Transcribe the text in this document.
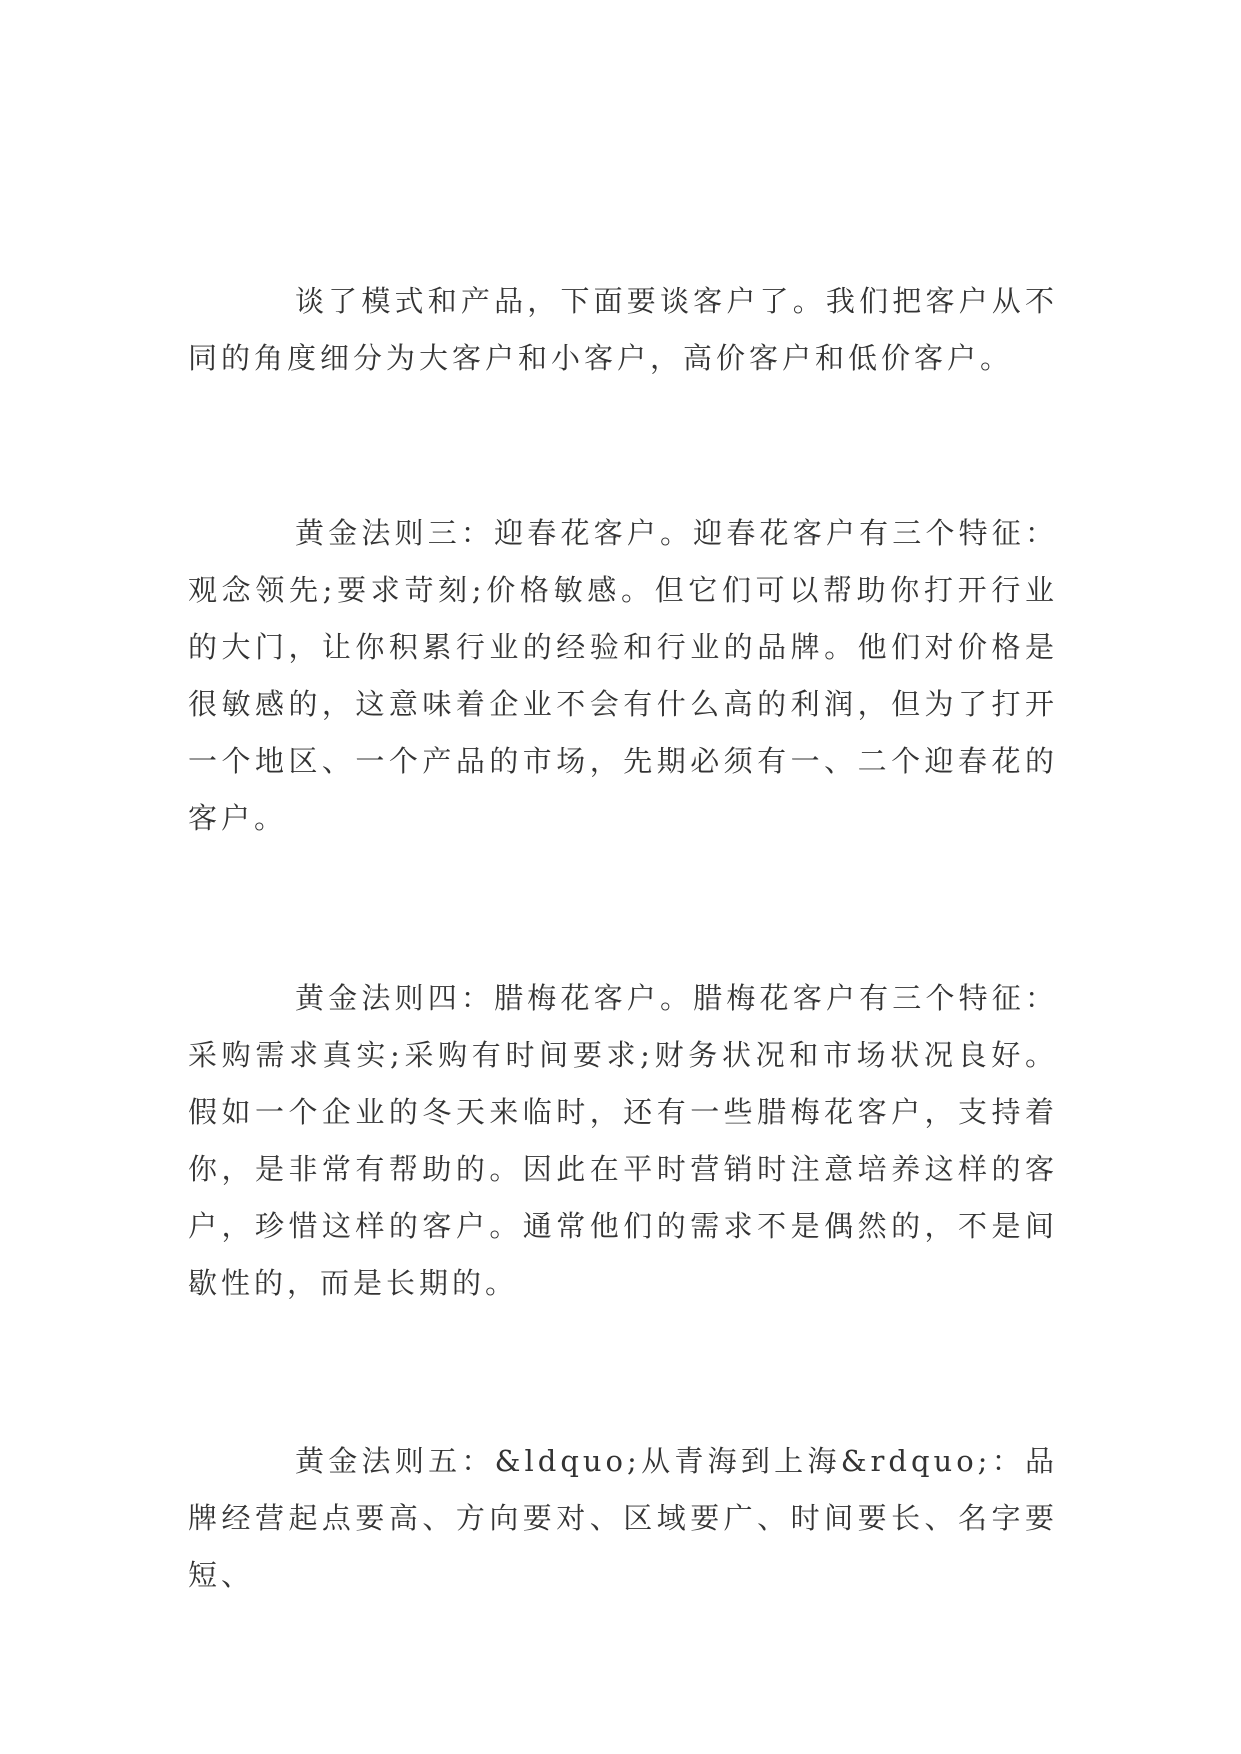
谈了模式和产品，下面要谈客户了。我们把客户从不同的角度细分为大客户和小客户，高价客户和低价客户。

黄金法则三：迎春花客户。迎春花客户有三个特征：观念领先;要求苛刻;价格敏感。但它们可以帮助你打开行业的大门，让你积累行业的经验和行业的品牌。他们对价格是很敏感的，这意味着企业不会有什么高的利润，但为了打开一个地区、一个产品的市场，先期必须有一、二个迎春花的客户。

黄金法则四：腊梅花客户。腊梅花客户有三个特征：采购需求真实;采购有时间要求;财务状况和市场状况良好。假如一个企业的冬天来临时，还有一些腊梅花客户，支持着你，是非常有帮助的。因此在平时营销时注意培养这样的客户，珍惜这样的客户。通常他们的需求不是偶然的，不是间歇性的，而是长期的。

黄金法则五：&ldquo;从青海到上海&rdquo;：品牌经营起点要高、方向要对、区域要广、时间要长、名字要短、
